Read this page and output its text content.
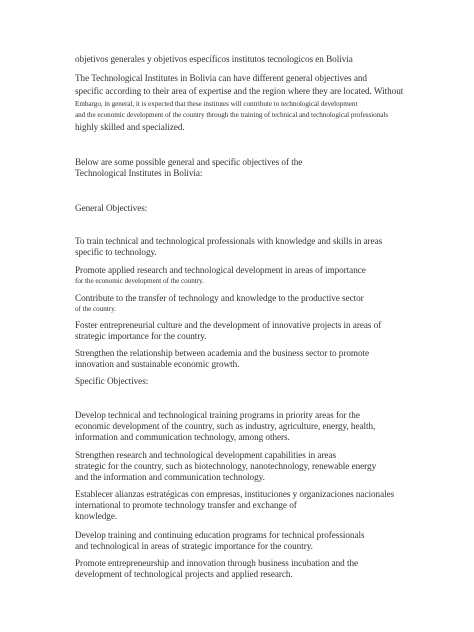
objetivos generales y objetivos específicos institutos tecnologicos en Bolivia
The Technological Institutes in Bolivia can have different general objectives and
specific according to their area of expertise and the region where they are located. Without
Embargo, in general, it is expected that these institutes will contribute to technological development
and the economic development of the country through the training of technical and technological professionals
highly skilled and specialized.
Below are some possible general and specific objectives of the
Technological Institutes in Bolivia:
General Objectives:
To train technical and technological professionals with knowledge and skills in areas
specific to technology.
Promote applied research and technological development in areas of importance
for the economic development of the country.
Contribute to the transfer of technology and knowledge to the productive sector
of the country.
Foster entrepreneurial culture and the development of innovative projects in areas of
strategic importance for the country.
Strengthen the relationship between academia and the business sector to promote
innovation and sustainable economic growth.
Specific Objectives:
Develop technical and technological training programs in priority areas for the
economic development of the country, such as industry, agriculture, energy, health,
information and communication technology, among others.
Strengthen research and technological development capabilities in areas
strategic for the country, such as biotechnology, nanotechnology, renewable energy
and the information and communication technology.
Establecer alianzas estratégicas con empresas, instituciones y organizaciones nacionales
international to promote technology transfer and exchange of
knowledge.
Develop training and continuing education programs for technical professionals
and technological in areas of strategic importance for the country.
Promote entrepreneurship and innovation through business incubation and the
development of technological projects and applied research.
